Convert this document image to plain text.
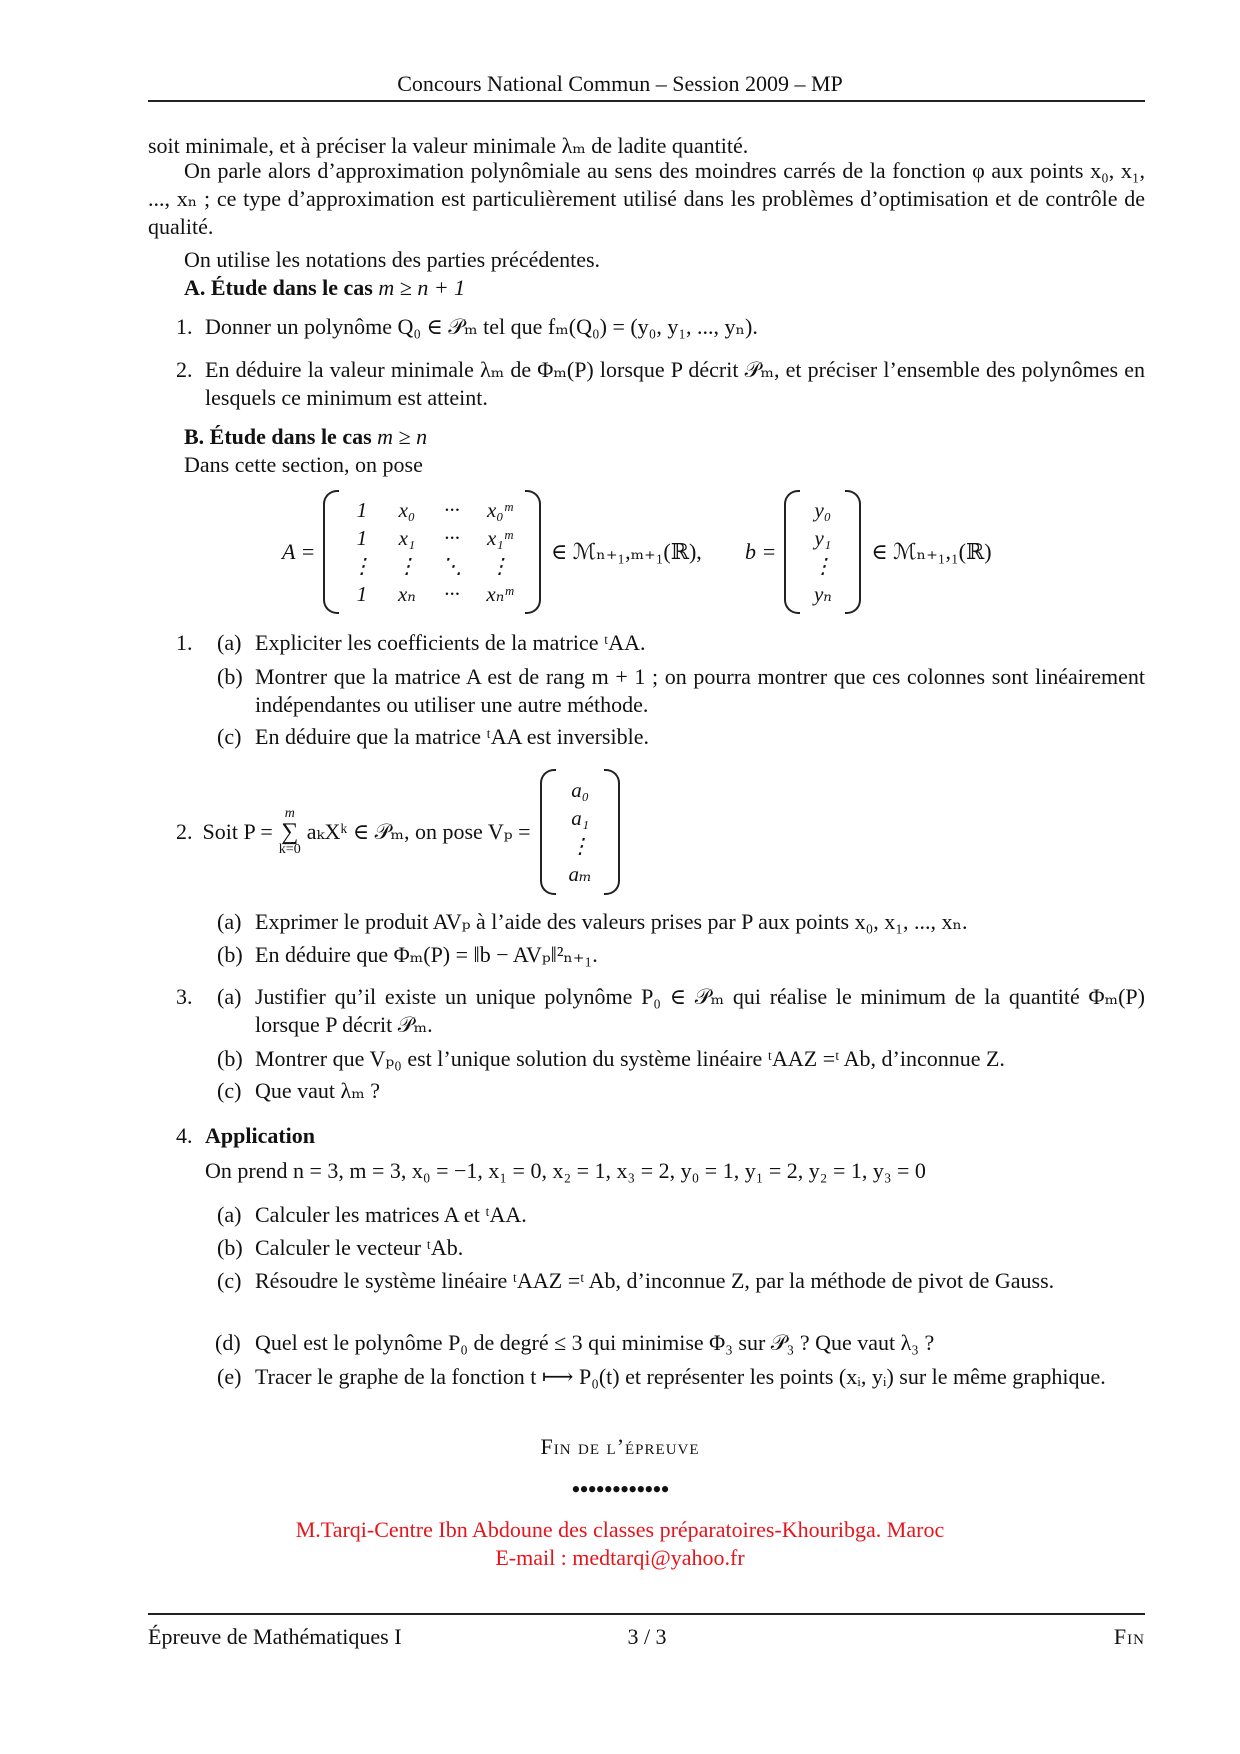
Concours National Commun – Session 2009 – MP
soit minimale, et à préciser la valeur minimale λₘ de ladite quantité.
On parle alors d’approximation polynômiale au sens des moindres carrés de la fonction φ aux points x₀, x₁, ..., xₙ ; ce type d’approximation est particulièrement utilisé dans les problèmes d’optimisation et de contrôle de qualité.
On utilise les notations des parties précédentes.
A. Étude dans le cas m ≥ n + 1
1. Donner un polynôme Q₀ ∈ 𝒫ₘ tel que fₘ(Q₀) = (y₀, y₁, ..., yₙ).
2. En déduire la valeur minimale λₘ de Φₘ(P) lorsque P décrit 𝒫ₘ, et préciser l’ensemble des polynômes en lesquels ce minimum est atteint.
B. Étude dans le cas m ≥ n
Dans cette section, on pose
A =
1	x₀	···	x₀ᵐ
1	x₁	···	x₁ᵐ
⋮	⋮	⋱	⋮
1	xₙ	···	xₙᵐ
∈ ℳₙ₊₁,ₘ₊₁(ℝ), b =
y₀
y₁
⋮
yₙ
∈ ℳₙ₊₁,₁(ℝ)
1. (a) Expliciter les coefficients de la matrice ᵗAA.
(b) Montrer que la matrice A est de rang m + 1 ; on pourra montrer que ces colonnes sont linéairement indépendantes ou utiliser une autre méthode.
(c) En déduire que la matrice ᵗAA est inversible.
2. Soit P =
m
∑
k=0
aₖXᵏ ∈ 𝒫ₘ, on pose Vₚ =
a₀
a₁
⋮
aₘ
(a) Exprimer le produit AVₚ à l’aide des valeurs prises par P aux points x₀, x₁, ..., xₙ.
(b) En déduire que Φₘ(P) = ‖b − AVₚ‖²ₙ₊₁.
3. (a) Justifier qu’il existe un unique polynôme P₀ ∈ 𝒫ₘ qui réalise le minimum de la quantité Φₘ(P) lorsque P décrit 𝒫ₘ.
(b) Montrer que Vₚ₀ est l’unique solution du système linéaire ᵗAAZ =ᵗ Ab, d’inconnue Z.
(c) Que vaut λₘ ?
4. Application
On prend n = 3, m = 3, x₀ = −1, x₁ = 0, x₂ = 1, x₃ = 2, y₀ = 1, y₁ = 2, y₂ = 1, y₃ = 0
(a) Calculer les matrices A et ᵗAA.
(b) Calculer le vecteur ᵗAb.
(c) Résoudre le système linéaire ᵗAAZ =ᵗ Ab, d’inconnue Z, par la méthode de pivot de Gauss.
(d) Quel est le polynôme P₀ de degré ≤ 3 qui minimise Φ₃ sur 𝒫₃ ? Que vaut λ₃ ?
(e) Tracer le graphe de la fonction t ⟼ P₀(t) et représenter les points (xᵢ, yᵢ) sur le même graphique.
Fin de l’épreuve
••••••••••••
M.Tarqi-Centre Ibn Abdoune des classes préparatoires-Khouribga. Maroc
E-mail : medtarqi@yahoo.fr
Épreuve de Mathématiques I	3 / 3	Fin
